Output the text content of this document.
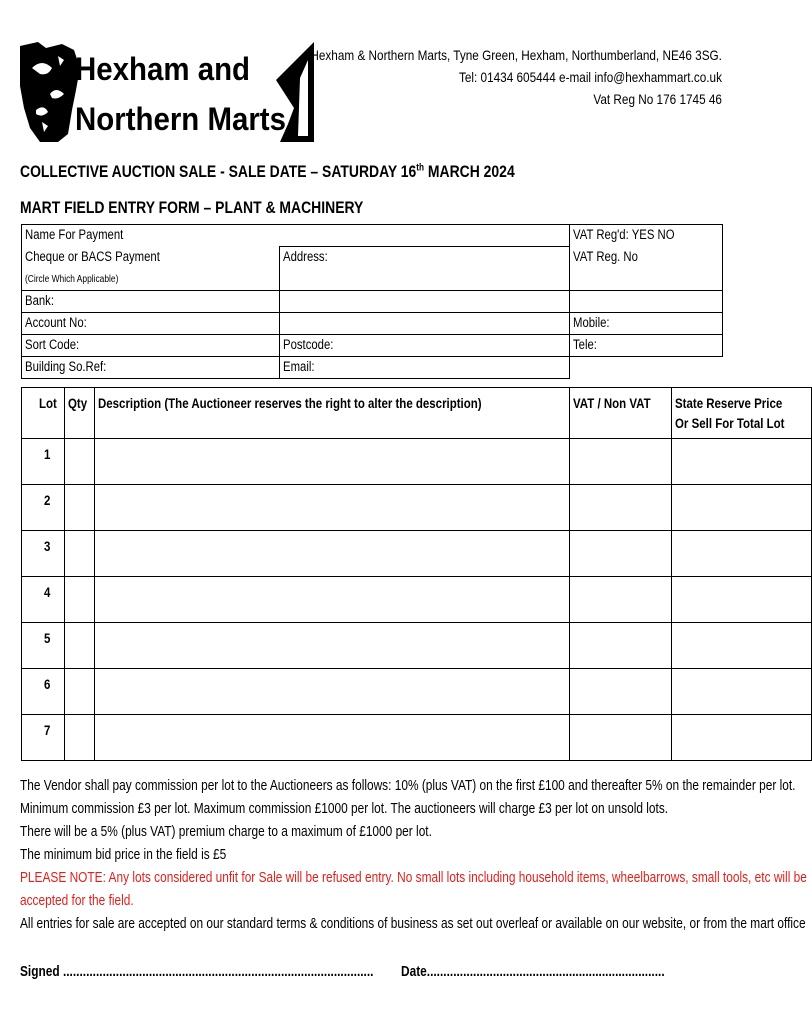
Hexham and
Northern Marts
Hexham & Northern Marts, Tyne Green, Hexham, Northumberland, NE46 3SG.
Tel: 01434 605444 e-mail info@hexhammart.co.uk
Vat Reg No 176 1745 46
COLLECTIVE AUCTION SALE - SALE DATE – SATURDAY 16th MARCH 2024
MART FIELD ENTRY FORM – PLANT & MACHINERY
Name For Payment		VAT Reg'd: YES NO
Cheque or BACS Payment	Address:	VAT Reg. No
(Circle Which Applicable)		
Bank:		
Account No:		Mobile:
Sort Code:	Postcode:	Tele:
Building So.Ref:	Email:	
Lot	Qty	Description (The Auctioneer reserves the right to alter the description)	VAT / Non VAT	State Reserve Price
Or Sell For Total Lot
1				
2				
3				
4				
5				
6				
7				

The Vendor shall pay commission per lot to the Auctioneers as follows: 10% (plus VAT) on the first £100 and thereafter 5% on the remainder per lot.

Minimum commission £3 per lot. Maximum commission £1000 per lot. The auctioneers will charge £3 per lot on unsold lots.

There will be a 5% (plus VAT) premium charge to a maximum of £1000 per lot.

The minimum bid price in the field is £5

PLEASE NOTE: Any lots considered unfit for Sale will be refused entry. No small lots including household items, wheelbarrows, small tools, etc will be

accepted for the field.

All entries for sale are accepted on our standard terms & conditions of business as set out overleaf or available on our website, or from the mart office

Signed .............................................................................................. Date........................................................................
